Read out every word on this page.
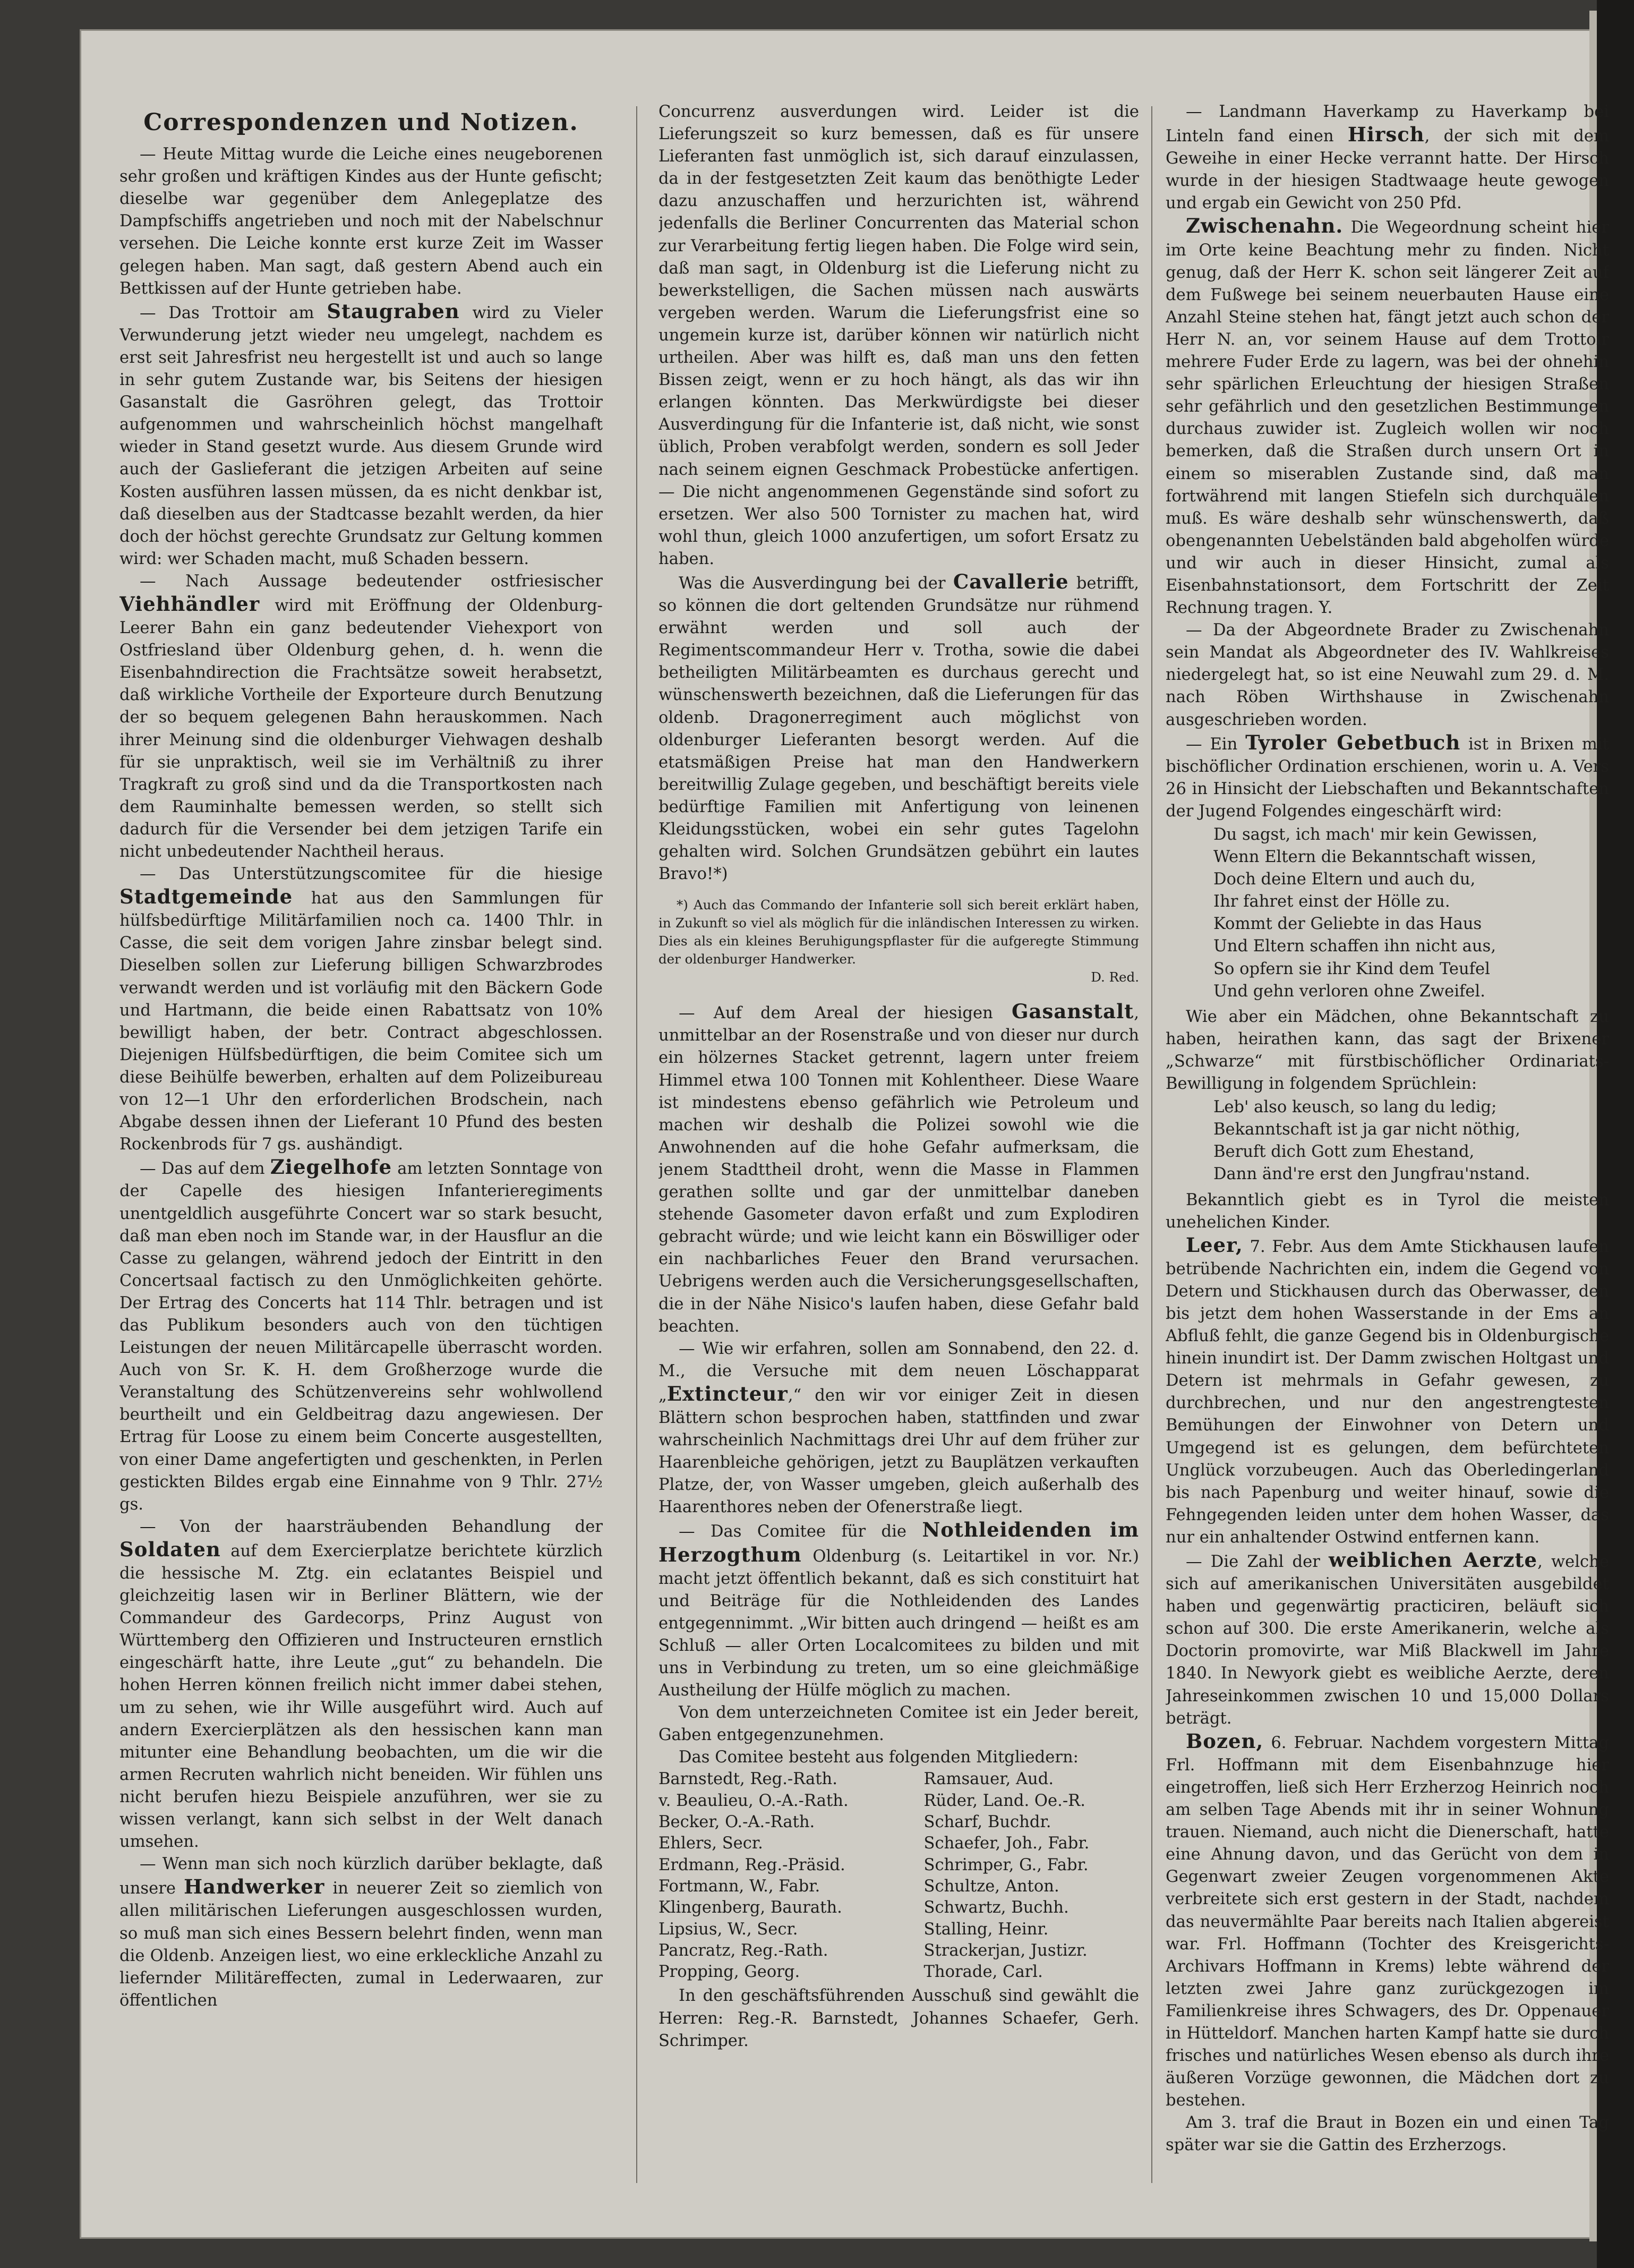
Correspondenzen und Notizen.

— Heute Mittag wurde die Leiche eines neugeborenen sehr großen und kräftigen Kindes aus der Hunte gefischt; dieselbe war gegenüber dem Anlegeplatze des Dampfschiffs angetrieben und noch mit der Nabelschnur versehen. Die Leiche konnte erst kurze Zeit im Wasser gelegen haben. Man sagt, daß gestern Abend auch ein Bettkissen auf der Hunte getrieben habe.

— Das Trottoir am Staugraben wird zu Vieler Verwunderung jetzt wieder neu umgelegt, nachdem es erst seit Jahresfrist neu hergestellt ist und auch so lange in sehr gutem Zustande war, bis Seitens der hiesigen Gasanstalt die Gasröhren gelegt, das Trottoir aufgenommen und wahrscheinlich höchst mangelhaft wieder in Stand gesetzt wurde. Aus diesem Grunde wird auch der Gaslieferant die jetzigen Arbeiten auf seine Kosten ausführen lassen müssen, da es nicht denkbar ist, daß dieselben aus der Stadtcasse bezahlt werden, da hier doch der höchst gerechte Grundsatz zur Geltung kommen wird: wer Schaden macht, muß Schaden bessern.

— Nach Aussage bedeutender ostfriesischer Viehhändler wird mit Eröffnung der Oldenburg-Leerer Bahn ein ganz bedeutender Viehexport von Ostfriesland über Oldenburg gehen, d. h. wenn die Eisenbahndirection die Frachtsätze soweit herabsetzt, daß wirkliche Vortheile der Exporteure durch Benutzung der so bequem gelegenen Bahn herauskommen. Nach ihrer Meinung sind die oldenburger Viehwagen deshalb für sie unpraktisch, weil sie im Verhältniß zu ihrer Tragkraft zu groß sind und da die Transportkosten nach dem Rauminhalte bemessen werden, so stellt sich dadurch für die Versender bei dem jetzigen Tarife ein nicht unbedeutender Nachtheil heraus.

— Das Unterstützungscomitee für die hiesige Stadtgemeinde hat aus den Sammlungen für hülfsbedürftige Militärfamilien noch ca. 1400 Thlr. in Casse, die seit dem vorigen Jahre zinsbar belegt sind. Dieselben sollen zur Lieferung billigen Schwarzbrodes verwandt werden und ist vorläufig mit den Bäckern Gode und Hartmann, die beide einen Rabattsatz von 10% bewilligt haben, der betr. Contract abgeschlossen. Diejenigen Hülfsbedürftigen, die beim Comitee sich um diese Beihülfe bewerben, erhalten auf dem Polizeibureau von 12—1 Uhr den erforderlichen Brodschein, nach Abgabe dessen ihnen der Lieferant 10 Pfund des besten Rockenbrods für 7 gs. aushändigt.

— Das auf dem Ziegelhofe am letzten Sonntage von der Capelle des hiesigen Infanterieregiments unentgeldlich ausgeführte Concert war so stark besucht, daß man eben noch im Stande war, in der Hausflur an die Casse zu gelangen, während jedoch der Eintritt in den Concertsaal factisch zu den Unmöglichkeiten gehörte. Der Ertrag des Concerts hat 114 Thlr. betragen und ist das Publikum besonders auch von den tüchtigen Leistungen der neuen Militärcapelle überrascht worden. Auch von Sr. K. H. dem Großherzoge wurde die Veranstaltung des Schützenvereins sehr wohlwollend beurtheilt und ein Geldbeitrag dazu angewiesen. Der Ertrag für Loose zu einem beim Concerte ausgestellten, von einer Dame angefertigten und geschenkten, in Perlen gestickten Bildes ergab eine Einnahme von 9 Thlr. 27½ gs.

— Von der haarsträubenden Behandlung der Soldaten auf dem Exercierplatze berichtete kürzlich die hessische M. Ztg. ein eclatantes Beispiel und gleichzeitig lasen wir in Berliner Blättern, wie der Commandeur des Gardecorps, Prinz August von Württemberg den Offizieren und Instructeuren ernstlich eingeschärft hatte, ihre Leute „gut“ zu behandeln. Die hohen Herren können freilich nicht immer dabei stehen, um zu sehen, wie ihr Wille ausgeführt wird. Auch auf andern Exercierplätzen als den hessischen kann man mitunter eine Behandlung beobachten, um die wir die armen Recruten wahrlich nicht beneiden. Wir fühlen uns nicht berufen hiezu Beispiele anzuführen, wer sie zu wissen verlangt, kann sich selbst in der Welt danach umsehen.

— Wenn man sich noch kürzlich darüber beklagte, daß unsere Handwerker in neuerer Zeit so ziemlich von allen militärischen Lieferungen ausgeschlossen wurden, so muß man sich eines Bessern belehrt finden, wenn man die Oldenb. Anzeigen liest, wo eine erkleckliche Anzahl zu liefernder Militäreffecten, zumal in Lederwaaren, zur öffentlichen

Concurrenz ausverdungen wird. Leider ist die Lieferungszeit so kurz bemessen, daß es für unsere Lieferanten fast unmöglich ist, sich darauf einzulassen, da in der festgesetzten Zeit kaum das benöthigte Leder dazu anzuschaffen und herzurichten ist, während jedenfalls die Berliner Concurrenten das Material schon zur Verarbeitung fertig liegen haben. Die Folge wird sein, daß man sagt, in Oldenburg ist die Lieferung nicht zu bewerkstelligen, die Sachen müssen nach auswärts vergeben werden. Warum die Lieferungsfrist eine so ungemein kurze ist, darüber können wir natürlich nicht urtheilen. Aber was hilft es, daß man uns den fetten Bissen zeigt, wenn er zu hoch hängt, als das wir ihn erlangen könnten. Das Merkwürdigste bei dieser Ausverdingung für die Infanterie ist, daß nicht, wie sonst üblich, Proben verabfolgt werden, sondern es soll Jeder nach seinem eignen Geschmack Probestücke anfertigen. — Die nicht angenommenen Gegenstände sind sofort zu ersetzen. Wer also 500 Tornister zu machen hat, wird wohl thun, gleich 1000 anzufertigen, um sofort Ersatz zu haben.

Was die Ausverdingung bei der Cavallerie betrifft, so können die dort geltenden Grundsätze nur rühmend erwähnt werden und soll auch der Regimentscommandeur Herr v. Trotha, sowie die dabei betheiligten Militärbeamten es durchaus gerecht und wünschenswerth bezeichnen, daß die Lieferungen für das oldenb. Dragonerregiment auch möglichst von oldenburger Lieferanten besorgt werden. Auf die etatsmäßigen Preise hat man den Handwerkern bereitwillig Zulage gegeben, und beschäftigt bereits viele bedürftige Familien mit Anfertigung von leinenen Kleidungsstücken, wobei ein sehr gutes Tagelohn gehalten wird. Solchen Grundsätzen gebührt ein lautes Bravo!*)

*) Auch das Commando der Infanterie soll sich bereit erklärt haben, in Zukunft so viel als möglich für die inländischen Interessen zu wirken. Dies als ein kleines Beruhigungspflaster für die aufgeregte Stimmung der oldenburger Handwerker.
D. Red.

— Auf dem Areal der hiesigen Gasanstalt, unmittelbar an der Rosenstraße und von dieser nur durch ein hölzernes Stacket getrennt, lagern unter freiem Himmel etwa 100 Tonnen mit Kohlentheer. Diese Waare ist mindestens ebenso gefährlich wie Petroleum und machen wir deshalb die Polizei sowohl wie die Anwohnenden auf die hohe Gefahr aufmerksam, die jenem Stadttheil droht, wenn die Masse in Flammen gerathen sollte und gar der unmittelbar daneben stehende Gasometer davon erfaßt und zum Explodiren gebracht würde; und wie leicht kann ein Böswilliger oder ein nachbarliches Feuer den Brand verursachen. Uebrigens werden auch die Versicherungsgesellschaften, die in der Nähe Nisico's laufen haben, diese Gefahr bald beachten.

— Wie wir erfahren, sollen am Sonnabend, den 22. d. M., die Versuche mit dem neuen Löschapparat „Extincteur,“ den wir vor einiger Zeit in diesen Blättern schon besprochen haben, stattfinden und zwar wahrscheinlich Nachmittags drei Uhr auf dem früher zur Haarenbleiche gehörigen, jetzt zu Bauplätzen verkauften Platze, der, von Wasser umgeben, gleich außerhalb des Haarenthores neben der Ofenerstraße liegt.

— Das Comitee für die Nothleidenden im Herzogthum Oldenburg (s. Leitartikel in vor. Nr.) macht jetzt öffentlich bekannt, daß es sich constituirt hat und Beiträge für die Nothleidenden des Landes entgegennimmt. „Wir bitten auch dringend — heißt es am Schluß — aller Orten Localcomitees zu bilden und mit uns in Verbindung zu treten, um so eine gleichmäßige Austheilung der Hülfe möglich zu machen.

Von dem unterzeichneten Comitee ist ein Jeder bereit, Gaben entgegenzunehmen.

Das Comitee besteht aus folgenden Mitgliedern:

Barnstedt, Reg.-Rath.	Ramsauer, Aud.
v. Beaulieu, O.-A.-Rath.	Rüder, Land. Oe.-R.
Becker, O.-A.-Rath.	Scharf, Buchdr.
Ehlers, Secr.	Schaefer, Joh., Fabr.
Erdmann, Reg.-Präsid.	Schrimper, G., Fabr.
Fortmann, W., Fabr.	Schultze, Anton.
Klingenberg, Baurath.	Schwartz, Buchh.
Lipsius, W., Secr.	Stalling, Heinr.
Pancratz, Reg.-Rath.	Strackerjan, Justizr.
Propping, Georg.	Thorade, Carl.

In den geschäftsführenden Ausschuß sind gewählt die Herren: Reg.-R. Barnstedt, Johannes Schaefer, Gerh. Schrimper.

— Landmann Haverkamp zu Haverkamp bei Linteln fand einen Hirsch, der sich mit dem Geweihe in einer Hecke verrannt hatte. Der Hirsch wurde in der hiesigen Stadtwaage heute gewogen und ergab ein Gewicht von 250 Pfd.

Zwischenahn. Die Wegeordnung scheint hier im Orte keine Beachtung mehr zu finden. Nicht genug, daß der Herr K. schon seit längerer Zeit auf dem Fußwege bei seinem neuerbauten Hause eine Anzahl Steine stehen hat, fängt jetzt auch schon der Herr N. an, vor seinem Hause auf dem Trottoir mehrere Fuder Erde zu lagern, was bei der ohnehin sehr spärlichen Erleuchtung der hiesigen Straßen sehr gefährlich und den gesetzlichen Bestimmungen durchaus zuwider ist. Zugleich wollen wir noch bemerken, daß die Straßen durch unsern Ort in einem so miserablen Zustande sind, daß man fortwährend mit langen Stiefeln sich durchquälen muß. Es wäre deshalb sehr wünschenswerth, daß obengenannten Uebelständen bald abgeholfen würde und wir auch in dieser Hinsicht, zumal als Eisenbahnstationsort, dem Fortschritt der Zeit Rechnung tragen. Y.

— Da der Abgeordnete Brader zu Zwischenahn sein Mandat als Abgeordneter des IV. Wahlkreises niedergelegt hat, so ist eine Neuwahl zum 29. d. M. nach Röben Wirthshause in Zwischenahn ausgeschrieben worden.

— Ein Tyroler Gebetbuch ist in Brixen mit bischöflicher Ordination erschienen, worin u. A. Vers 26 in Hinsicht der Liebschaften und Bekanntschaften der Jugend Folgendes eingeschärft wird:

Du sagst, ich mach' mir kein Gewissen,
Wenn Eltern die Bekanntschaft wissen,
Doch deine Eltern und auch du,
Ihr fahret einst der Hölle zu.
Kommt der Geliebte in das Haus
Und Eltern schaffen ihn nicht aus,
So opfern sie ihr Kind dem Teufel
Und gehn verloren ohne Zweifel.

Wie aber ein Mädchen, ohne Bekanntschaft zu haben, heirathen kann, das sagt der Brixener „Schwarze“ mit fürstbischöflicher Ordinariats-Bewilligung in folgendem Sprüchlein:

Leb' also keusch, so lang du ledig;
Bekanntschaft ist ja gar nicht nöthig,
Beruft dich Gott zum Ehestand,
Dann änd're erst den Jungfrau'nstand.

Bekanntlich giebt es in Tyrol die meisten unehelichen Kinder.

Leer, 7. Febr. Aus dem Amte Stickhausen laufen betrübende Nachrichten ein, indem die Gegend von Detern und Stickhausen durch das Oberwasser, den bis jetzt dem hohen Wasserstande in der Ems an Abfluß fehlt, die ganze Gegend bis in Oldenburgische hinein inundirt ist. Der Damm zwischen Holtgast und Detern ist mehrmals in Gefahr gewesen, zu durchbrechen, und nur den angestrengtesten Bemühungen der Einwohner von Detern und Umgegend ist es gelungen, dem befürchteten Unglück vorzubeugen. Auch das Oberledingerland bis nach Papenburg und weiter hinauf, sowie die Fehngegenden leiden unter dem hohen Wasser, das nur ein anhaltender Ostwind entfernen kann.

— Die Zahl der weiblichen Aerzte, welche sich auf amerikanischen Universitäten ausgebildet haben und gegenwärtig practiciren, beläuft sich schon auf 300. Die erste Amerikanerin, welche als Doctorin promovirte, war Miß Blackwell im Jahre 1840. In Newyork giebt es weibliche Aerzte, deren Jahreseinkommen zwischen 10 und 15,000 Dollars beträgt.

Bozen, 6. Februar. Nachdem vorgestern Mittag Frl. Hoffmann mit dem Eisenbahnzuge hier eingetroffen, ließ sich Herr Erzherzog Heinrich noch am selben Tage Abends mit ihr in seiner Wohnung trauen. Niemand, auch nicht die Dienerschaft, hatte eine Ahnung davon, und das Gerücht von dem in Gegenwart zweier Zeugen vorgenommenen Akte verbreitete sich erst gestern in der Stadt, nachdem das neuvermählte Paar bereits nach Italien abgereist war. Frl. Hoffmann (Tochter des Kreisgerichts-Archivars Hoffmann in Krems) lebte während der letzten zwei Jahre ganz zurückgezogen im Familienkreise ihres Schwagers, des Dr. Oppenauer in Hütteldorf. Manchen harten Kampf hatte sie durch frisches und natürliches Wesen ebenso als durch ihre äußeren Vorzüge gewonnen, die Mädchen dort zu bestehen.

Am 3. traf die Braut in Bozen ein und einen Tag später war sie die Gattin des Erzherzogs.
